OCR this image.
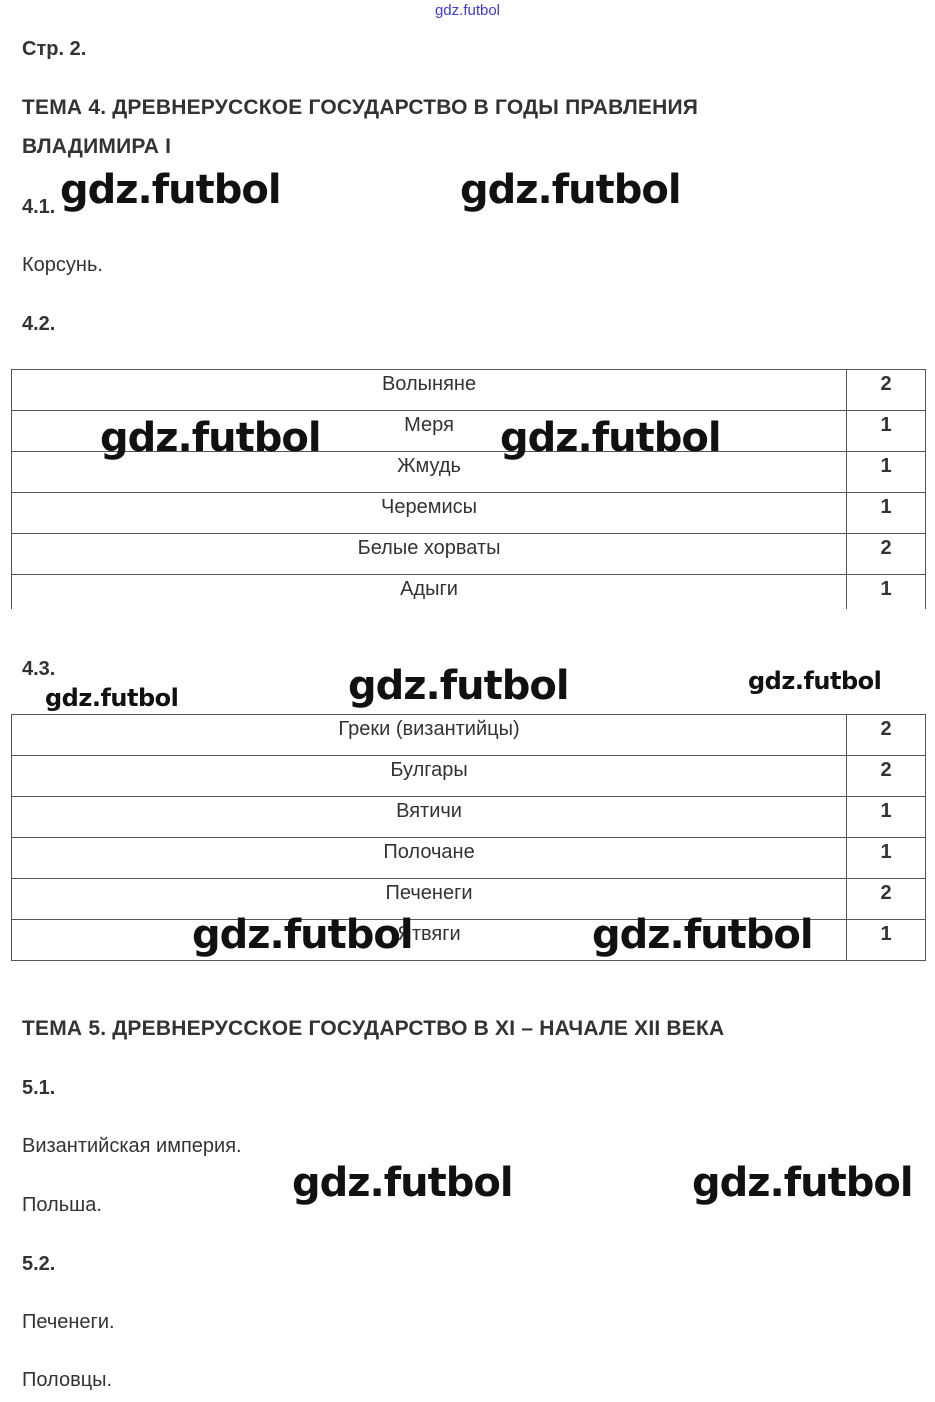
gdz.futbol
Стр. 2.
ТЕМА 4. ДРЕВНЕРУССКОЕ ГОСУДАРСТВО В ГОДЫ ПРАВЛЕНИЯ
ВЛАДИМИРА I
4.1.
Корсунь.
4.2.
Волыняне	2
Меря	1
Жмудь	1
Черемисы	1
Белые хорваты	2
Адыги	1
4.3.
Греки (византийцы)	2
Булгары	2
Вятичи	1
Полочане	1
Печенеги	2
Ятвяги	1
ТЕМА 5. ДРЕВНЕРУССКОЕ ГОСУДАРСТВО В XI – НАЧАЛЕ XII ВЕКА
5.1.
Византийская империя.
Польша.
5.2.
Печенеги.
Половцы.
gdz.futbol	gdz.futbol
gdz.futbol	gdz.futbol
gdz.futbol	gdz.futbol	gdz.futbol
gdz.futbol	gdz.futbol
gdz.futbol	gdz.futbol
